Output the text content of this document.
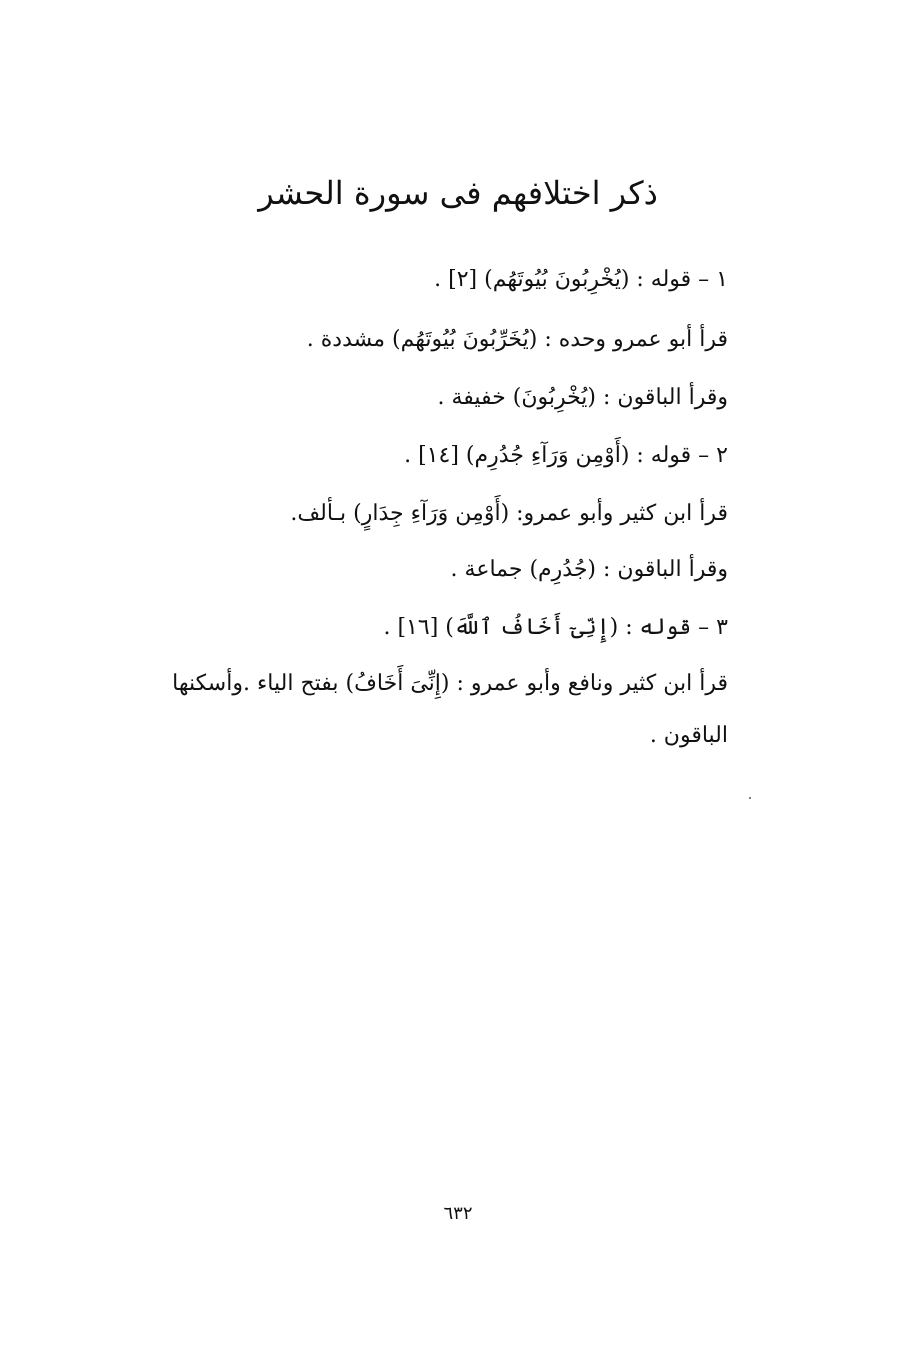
ذكر اختلافهم فى سورة الحشر
١ – قوله : (يُخْرِبُونَ بُيُوتَهُم) [٢] .
قرأ أبو عمرو وحده : (يُخَرِّبُونَ بُيُوتَهُم) مشددة .
وقرأ الباقون : (يُخْرِبُونَ) خفيفة .
٢ – قوله : (أَوْمِن وَرَآءِ جُدُرِم) [١٤] .
قرأ ابن كثير وأبو عمرو: (أَوْمِن وَرَآءِ جِدَارٍ) بـألف.
وقرأ الباقون : (جُدُرِم) جماعة .
٣ – قوله : (إِنِّىٓ أَخَافُ ٱللَّهَ) [١٦] .
قرأ ابن كثير ونافع وأبو عمرو : (إِنِّىَ أَخَافُ) بفتح الياء .وأسكنها
الباقون .
٦٣٢
